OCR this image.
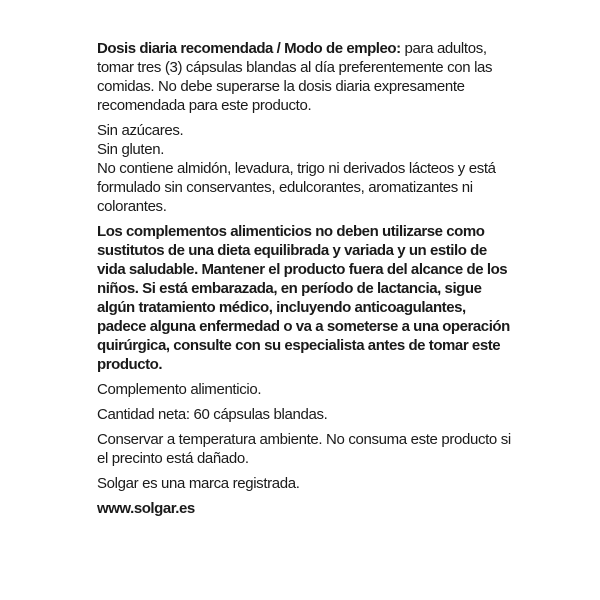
Dosis diaria recomendada / Modo de empleo: para adultos, tomar tres (3) cápsulas blandas al día preferentemente con las comidas. No debe superarse la dosis diaria expresamente recomendada para este producto.

Sin azúcares.
Sin gluten.
No contiene almidón, levadura, trigo ni derivados lácteos y está formulado sin conservantes, edulcorantes, aromatizantes ni colorantes.

Los complementos alimenticios no deben utilizarse como sustitutos de una dieta equilibrada y variada y un estilo de vida saludable. Mantener el producto fuera del alcance de los niños. Si está embarazada, en período de lactancia, sigue algún tratamiento médico, incluyendo anticoagulantes, padece alguna enfermedad o va a someterse a una operación quirúrgica, consulte con su especialista antes de tomar este producto.

Complemento alimenticio.

Cantidad neta: 60 cápsulas blandas.

Conservar a temperatura ambiente. No consuma este producto si el precinto está dañado.

Solgar es una marca registrada.

www.solgar.es
